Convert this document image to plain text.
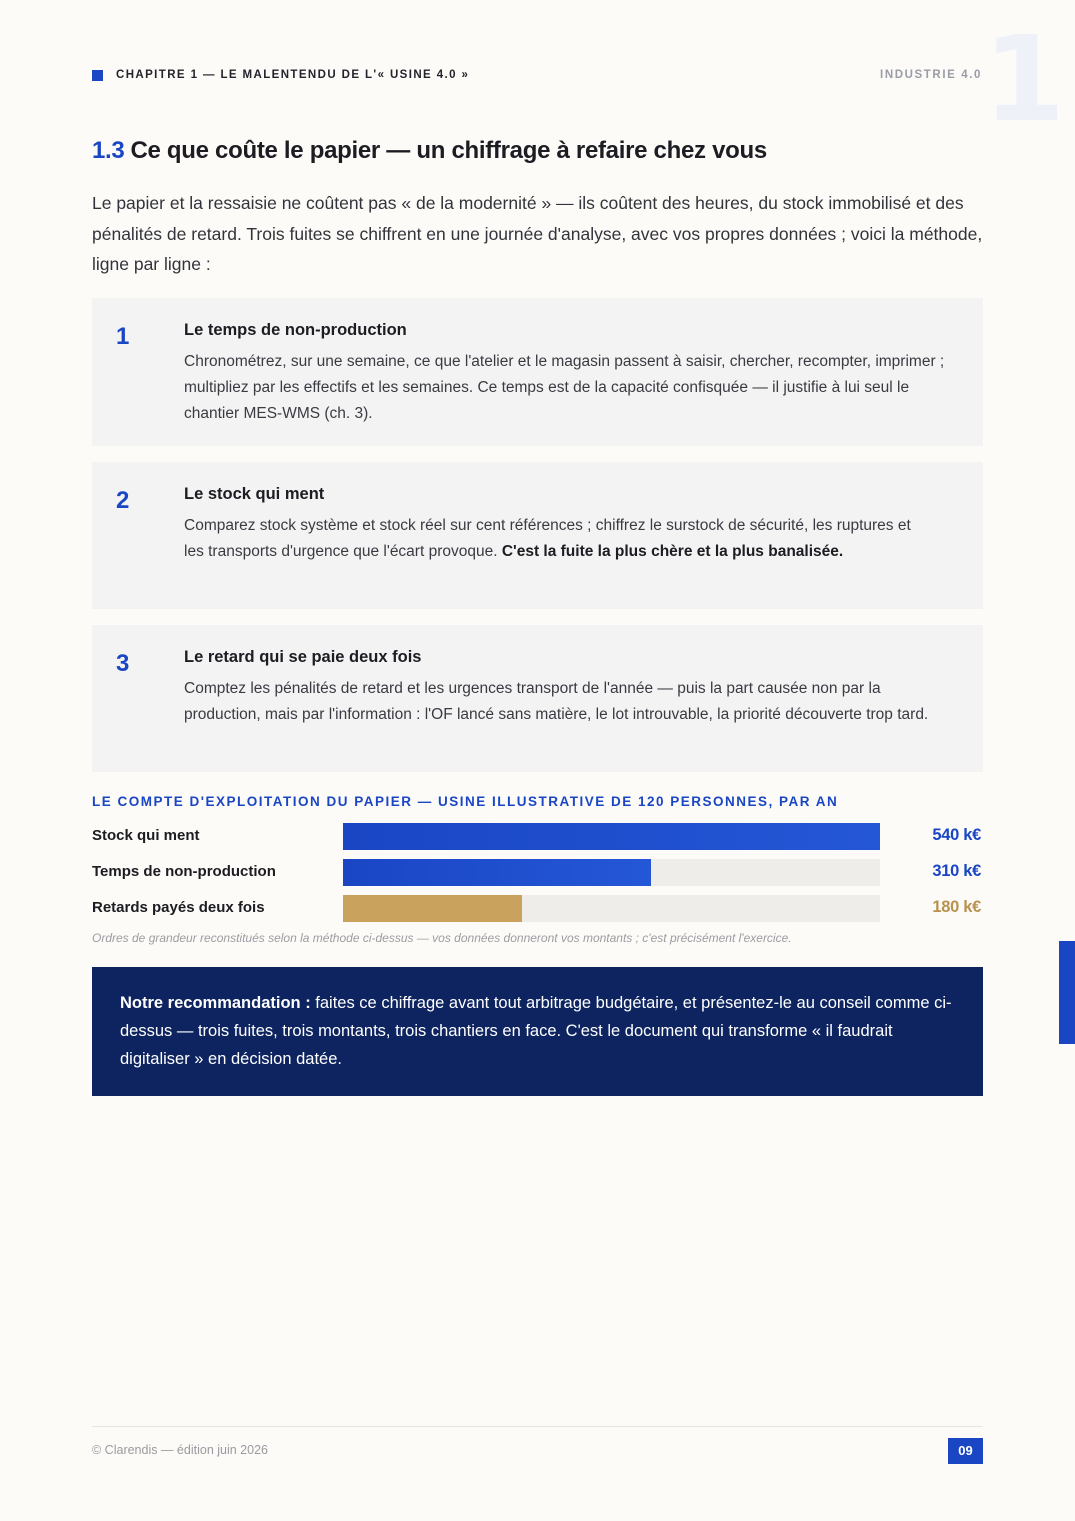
CHAPITRE 1 — LE MALENTENDU DE L'« USINE 4.0 »	INDUSTRIE 4.0 1
1.3 Ce que coûte le papier — un chiffrage à refaire chez vous

Le papier et la ressaisie ne coûtent pas « de la modernité » — ils coûtent des heures, du stock immobilisé et des pénalités de retard. Trois fuites se chiffrent en une journée d'analyse, avec vos propres données ; voici la méthode, ligne par ligne :

1	Le temps de non-production

Chronométrez, sur une semaine, ce que l'atelier et le magasin passent à saisir, chercher, recompter, imprimer ; multipliez par les effectifs et les semaines. Ce temps est de la capacité confisquée — il justifie à lui seul le chantier MES-WMS (ch. 3).

2	Le stock qui ment

Comparez stock système et stock réel sur cent références ; chiffrez le surstock de sécurité, les ruptures et les transports d'urgence que l'écart provoque. C'est la fuite la plus chère et la plus banalisée.

3	Le retard qui se paie deux fois

Comptez les pénalités de retard et les urgences transport de l'année — puis la part causée non par la production, mais par l'information : l'OF lancé sans matière, le lot introuvable, la priorité découverte trop tard.

LE COMPTE D'EXPLOITATION DU PAPIER — USINE ILLUSTRATIVE DE 120 PERSONNES, PAR AN
Stock qui ment	540 k€
Temps de non-production	310 k€
Retards payés deux fois	180 k€
Ordres de grandeur reconstitués selon la méthode ci-dessus — vos données donneront vos montants ; c'est précisément l'exercice.
Notre recommandation : faites ce chiffrage avant tout arbitrage budgétaire, et présentez-le au conseil comme ci-dessus — trois fuites, trois montants, trois chantiers en face. C'est le document qui transforme « il faudrait digitaliser » en décision datée.
© Clarendis — édition juin 2026	09
